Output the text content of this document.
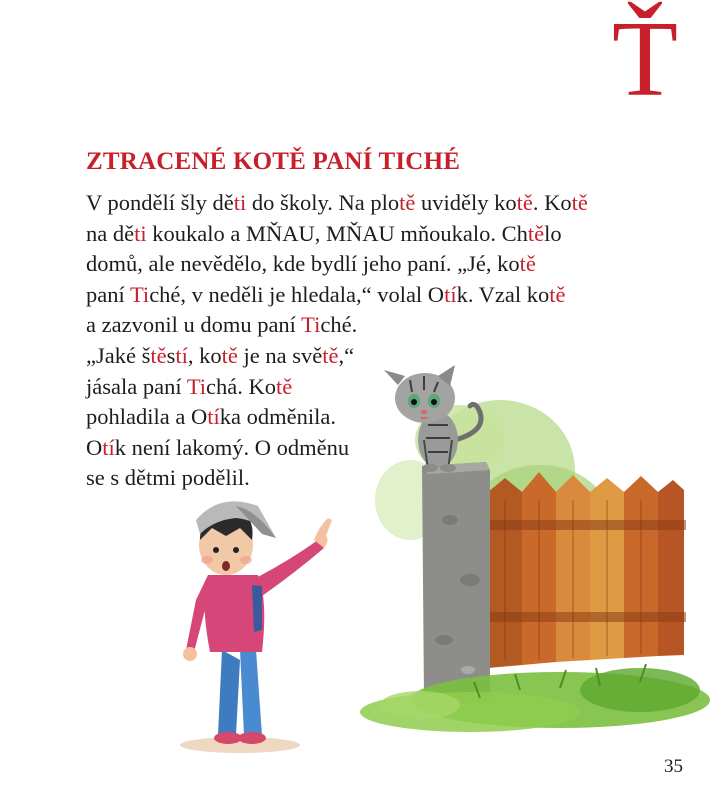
Ť
ZTRACENÉ KOTĚ PANÍ TICHÉ
V pondělí šly děti do školy. Na plotě uviděly kotě. Kotě
na děti koukalo a MŇAU, MŇAU mňoukalo. Chtělo
domů, ale nevědělo, kde bydlí jeho paní. „Jé, kotě
paní Tiché, v neděli je hledala,“ volal Otík. Vzal kotě
a zazvonil u domu paní Tiché.
„Jaké štěstí, kotě je na světě,“
jásala paní Tichá. Kotě
pohladila a Otíka odměnila.
Otík není lakomý. O odměnu
se s dětmi podělil.
35
